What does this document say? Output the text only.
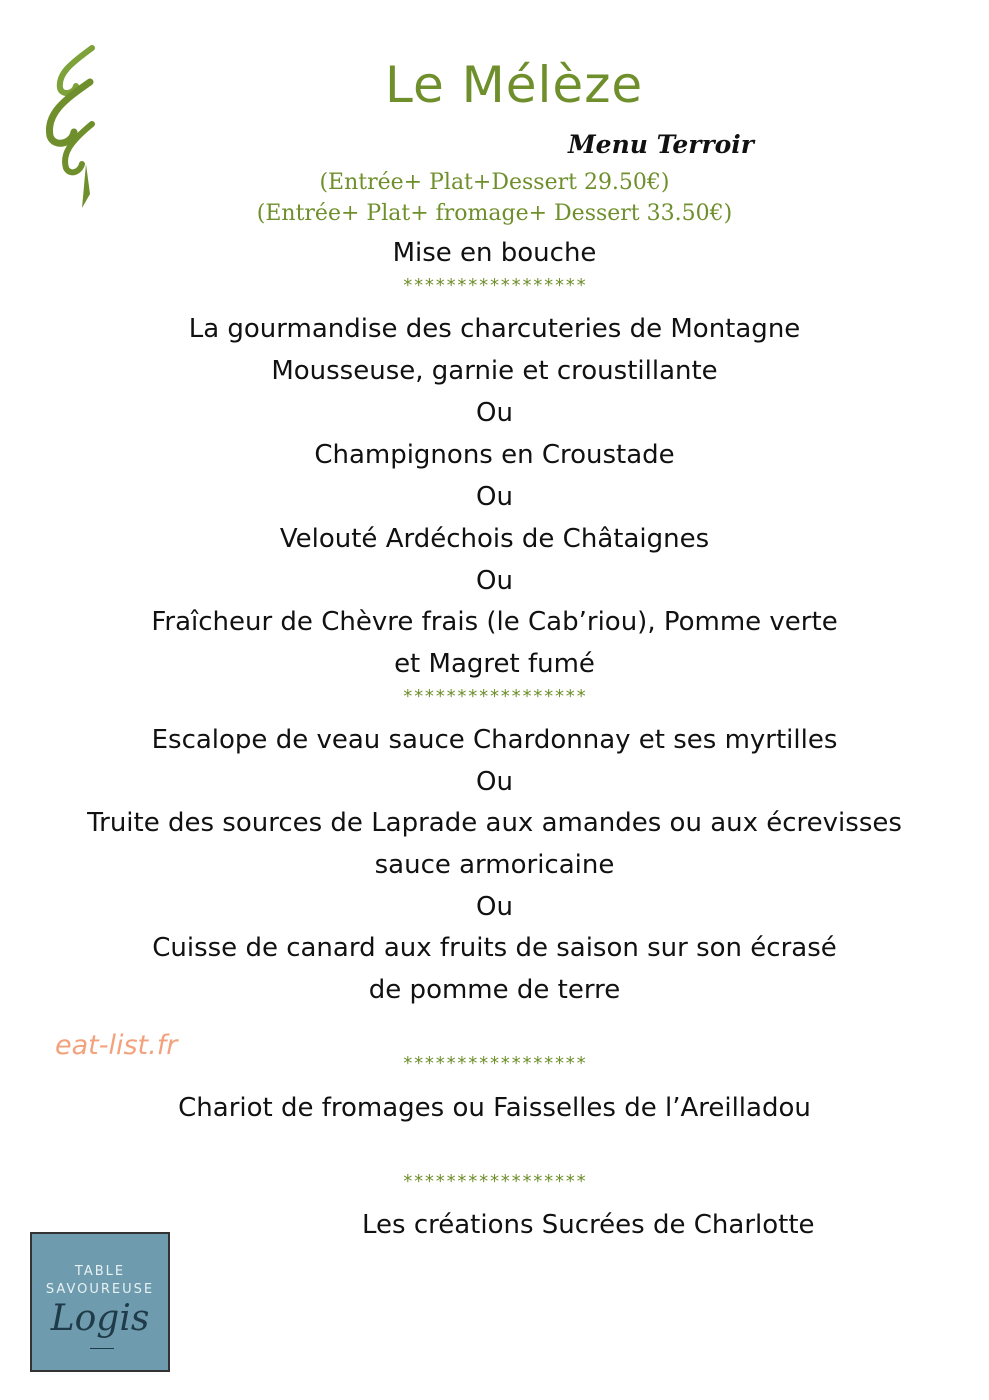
Le Mélèze
Menu Terroir
(Entrée+ Plat+Dessert 29.50€)
(Entrée+ Plat+ fromage+ Dessert 33.50€)
Mise en bouche
*****************
La gourmandise des charcuteries de Montagne
Mousseuse, garnie et croustillante
Ou
Champignons en Croustade
Ou
Velouté Ardéchois de Châtaignes
Ou
Fraîcheur de Chèvre frais (le Cab’riou), Pomme verte
et Magret fumé
*****************
Escalope de veau sauce Chardonnay et ses myrtilles
Ou
Truite des sources de Laprade aux amandes ou aux écrevisses
sauce armoricaine
Ou
Cuisse de canard aux fruits de saison sur son écrasé
de pomme de terre
eat-list.fr
*****************
Chariot de fromages ou Faisselles de l’Areilladou
*****************
Les créations Sucrées de Charlotte
TABLE
SAVOUREUSE
Logis
